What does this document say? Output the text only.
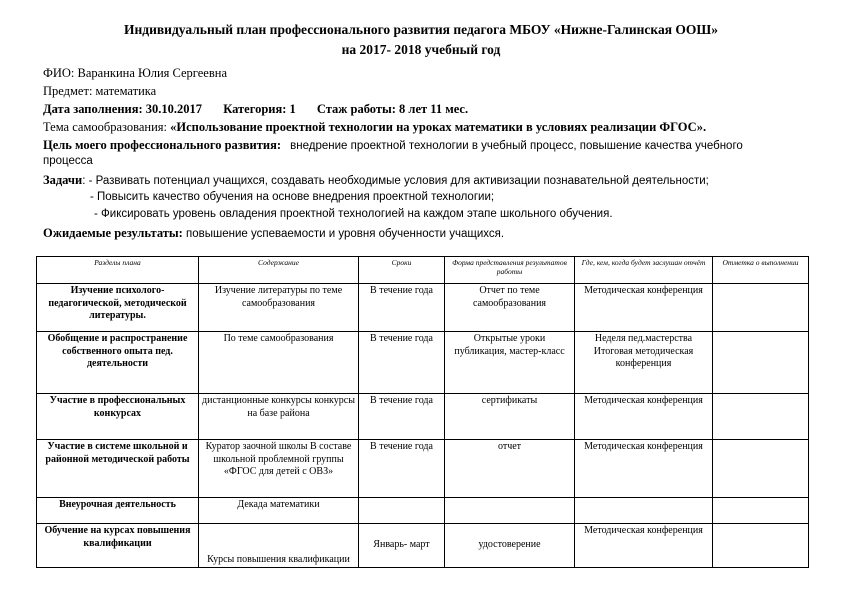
Индивидуальный план профессионального развития педагога МБОУ «Нижне-Галинская ООШ»
на 2017- 2018 учебный год
ФИО: Варанкина Юлия Сергеевна
Предмет: математика
Дата заполнения: 30.10.2017 Категория: 1 Стаж работы: 8 лет 11 мес.
Тема самообразования: «Использование проектной технологии на уроках математики в условиях реализации ФГОС».
Цель моего профессионального развития: внедрение проектной технологии в учебный процесс, повышение качества учебного
процесса
Задачи: - Развивать потенциал учащихся, создавать необходимые условия для активизации познавательной деятельности;
- Повысить качество обучения на основе внедрения проектной технологии;
- Фиксировать уровень овладения проектной технологией на каждом этапе школьного обучения.
Ожидаемые результаты: повышение успеваемости и уровня обученности учащихся.
Разделы плана	Содержание	Сроки	Форма представления результатов работы	Где, кем, когда будет заслушан отчёт	Отметка о выполнении
Изучение психолого-педагогической, методической литературы.	Изучение литературы по теме самообразования	В течение года	Отчет по теме самообразования	Методическая конференция	
Обобщение и распространение собственного опыта пед. деятельности	По теме самообразования	В течение года	Открытые уроки публикация, мастер-класс	Неделя пед.мастерства Итоговая методическая конференция	
Участие в профессиональных конкурсах	дистанционные конкурсы конкурсы на базе района	В течение года	сертификаты	Методическая конференция	
Участие в системе школьной и районной методической работы	Куратор заочной школы В составе школьной проблемной группы «ФГОС для детей с ОВЗ»	В течение года	отчет	Методическая конференция	
Внеурочная деятельность	Декада математики				
Обучение на курсах повышения квалификации	Курсы повышения квалификации	Январь- март	удостоверение	Методическая конференция	
